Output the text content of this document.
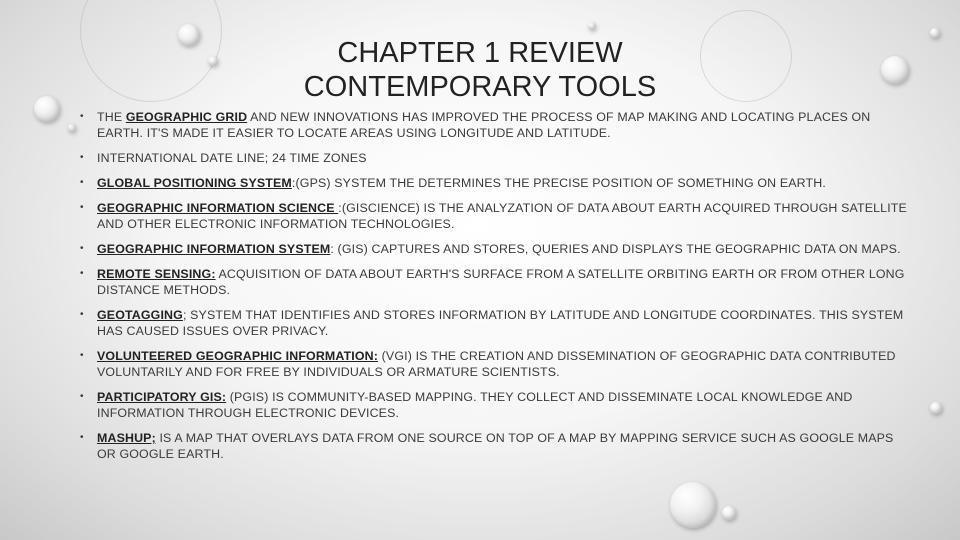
CHAPTER 1 REVIEW
CONTEMPORARY TOOLS
• THE GEOGRAPHIC GRID AND NEW INNOVATIONS HAS IMPROVED THE PROCESS OF MAP MAKING AND LOCATING PLACES ON EARTH. IT'S MADE IT EASIER TO LOCATE AREAS USING LONGITUDE AND LATITUDE.
• INTERNATIONAL DATE LINE; 24 TIME ZONES
• GLOBAL POSITIONING SYSTEM:(GPS) SYSTEM THE DETERMINES THE PRECISE POSITION OF SOMETHING ON EARTH.
• GEOGRAPHIC INFORMATION SCIENCE :(GISCIENCE) IS THE ANALYZATION OF DATA ABOUT EARTH ACQUIRED THROUGH SATELLITE AND OTHER ELECTRONIC INFORMATION TECHNOLOGIES.
• GEOGRAPHIC INFORMATION SYSTEM: (GIS) CAPTURES AND STORES, QUERIES AND DISPLAYS THE GEOGRAPHIC DATA ON MAPS.
• REMOTE SENSING: ACQUISITION OF DATA ABOUT EARTH'S SURFACE FROM A SATELLITE ORBITING EARTH OR FROM OTHER LONG DISTANCE METHODS.
• GEOTAGGING; SYSTEM THAT IDENTIFIES AND STORES INFORMATION BY LATITUDE AND LONGITUDE COORDINATES. THIS SYSTEM HAS CAUSED ISSUES OVER PRIVACY.
• VOLUNTEERED GEOGRAPHIC INFORMATION: (VGI) IS THE CREATION AND DISSEMINATION OF GEOGRAPHIC DATA CONTRIBUTED VOLUNTARILY AND FOR FREE BY INDIVIDUALS OR ARMATURE SCIENTISTS.
• PARTICIPATORY GIS: (PGIS) IS COMMUNITY-BASED MAPPING. THEY COLLECT AND DISSEMINATE LOCAL KNOWLEDGE AND INFORMATION THROUGH ELECTRONIC DEVICES.
• MASHUP; IS A MAP THAT OVERLAYS DATA FROM ONE SOURCE ON TOP OF A MAP BY MAPPING SERVICE SUCH AS GOOGLE MAPS OR GOOGLE EARTH.
